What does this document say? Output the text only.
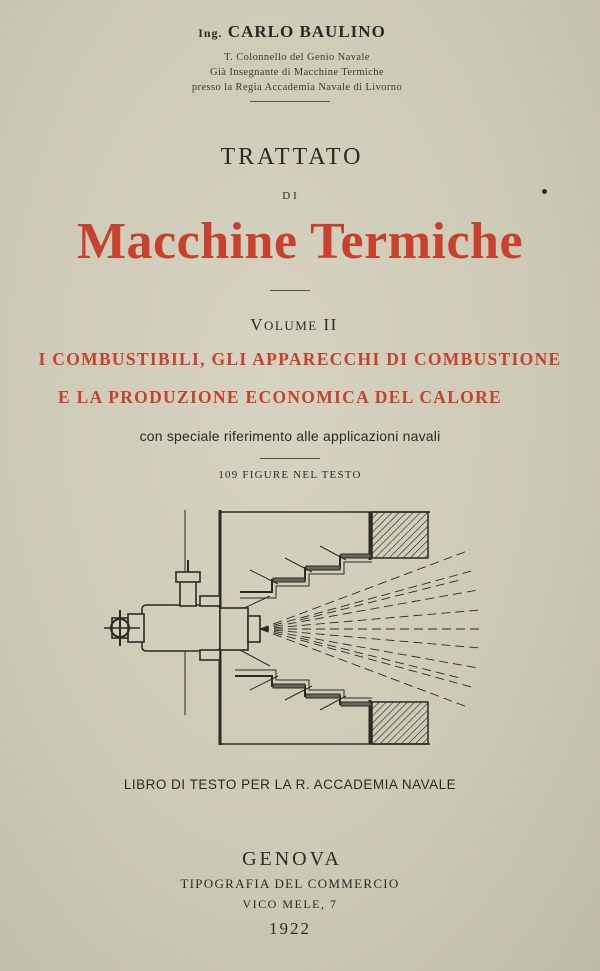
Ing. CARLO BAULINO
T. Colonnello del Genio Navale
Già Insegnante di Macchine Termiche
presso la Regia Accademia Navale di Livorno
TRATTATO
DI
Macchine Termiche
VOLUME II
I COMBUSTIBILI, GLI APPARECCHI DI COMBUSTIONE
E LA PRODUZIONE ECONOMICA DEL CALORE
con speciale riferimento alle applicazioni navali
109 FIGURE NEL TESTO
LIBRO DI TESTO PER LA R. ACCADEMIA NAVALE
GENOVA
TIPOGRAFIA DEL COMMERCIO
VICO MELE, 7
1922
